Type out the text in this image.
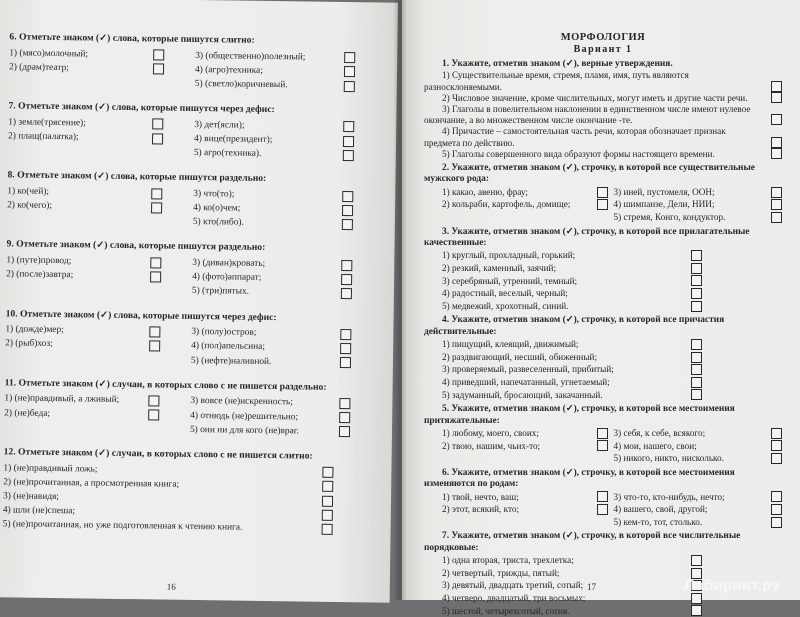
6. Отметьте знаком (✓) слова, которые пишутся слитно:
1) (мясо)молочный;
2) (драм)театр;
3) (общественно)полезный;
4) (агро)техника;
5) (светло)коричневый.
7. Отметьте знаком (✓) слова, которые пишутся через дефис:
1) земле(трясение);
2) плащ(палатка);
3) дет(ясли);
4) вице(президент);
5) агро(техника).
8. Отметьте знаком (✓) слова, которые пишутся раздельно:
1) ко(чей);
2) ко(чего);
3) что(то);
4) ко(о)чем;
5) кто(либо).
9. Отметьте знаком (✓) слова, которые пишутся раздельно:
1) (путе)провод;
2) (после)завтра;
3) (диван)кровать;
4) (фото)аппарат;
5) (три)пятых.
10. Отметьте знаком (✓) слова, которые пишутся через дефис:
1) (дожде)мер;
2) (рыб)хоз;
3) (полу)остров;
4) (пол)апельсина;
5) (нефте)наливной.
11. Отметьте знаком (✓) случаи, в которых слово с не пишется раздельно:
1) (не)правдивый, а лживый;
2) (не)беда;
3) вовсе (не)искренность;
4) отнюдь (не)решительно;
5) они ни для кого (не)враг.
12. Отметьте знаком (✓) случаи, в которых слово с не пишется слитно:
1) (не)правдивый ложь;
2) (не)прочитанная, а просмотренная книга;
3) (не)навидя;
4) шли (не)спеша;
5) (не)прочитанная, но уже подготовленная к чтению книга.
16
МОРФОЛОГИЯ
Вариант 1
1. Укажите, отметив знаком (✓), верные утверждения.
1) Существительные время, стремя, пламя, имя, путь являются разносклоняемыми.
2) Числовое значение, кроме числительных, могут иметь и другие части речи.
3) Глаголы в повелительном наклонении в единственном числе имеют нулевое окончание, а во множественном числе окончание -те.
4) Причастие – самостоятельная часть речи, которая обозначает признак предмета по действию.
5) Глаголы совершенного вида образуют формы настоящего времени.
2. Укажите, отметив знаком (✓), строчку, в которой все существительные мужского рода:
1) какао, авеню, фрау;	3) иней, пустомеля, ООН;
2) кольраби, картофель, домище;	4) шимпанзе, Дели, НИИ;
5) стремя, Конго, кондуктор.
3. Укажите, отметив знаком (✓), строчку, в которой все прилагательные качественные:
1) круглый, прохладный, горький;
2) резкий, каменный, заячий;
3) серебряный, утренний, темный;
4) радостный, веселый, черный;
5) медвежий, хрохотный, синий.
4. Укажите, отметив знаком (✓), строчку, в которой все причастия действительные:
1) пищущий, клеящий, движимый;
2) раздвигающий, несший, обиженный;
3) проверяемый, развеселенный, прибитый;
4) приведший, напечатанный, угнетаемый;
5) задуманный, бросающий, закачанный.
5. Укажите, отметив знаком (✓), строчку, в которой все местоимения притяжательные:
1) любому, моего, своих;	3) себя, к себе, всякого;
2) твою, нашим, чьих-то;	4) мои, нашего, свои;
5) никого, никто, нисколько.
6. Укажите, отметив знаком (✓), строчку, в которой все местоимения изменяются по родам:
1) твой, нечто, ваш;	3) что-то, кто-нибудь, нечто;
2) этот, всякий, кто;	4) вашего, свой, другой;
5) кем-то, тот, столько.
7. Укажите, отметив знаком (✓), строчку, в которой все числительные порядковые:
1) одна вторая, триста, трехлетка;
2) четвертый, трижды, пятый;
3) девятый, двадцать третий, сотый;
4) четверо, двадцатый, три восьмых;
5) шестой, четырехсотый, сотня.
17	Лабиринт.ру
